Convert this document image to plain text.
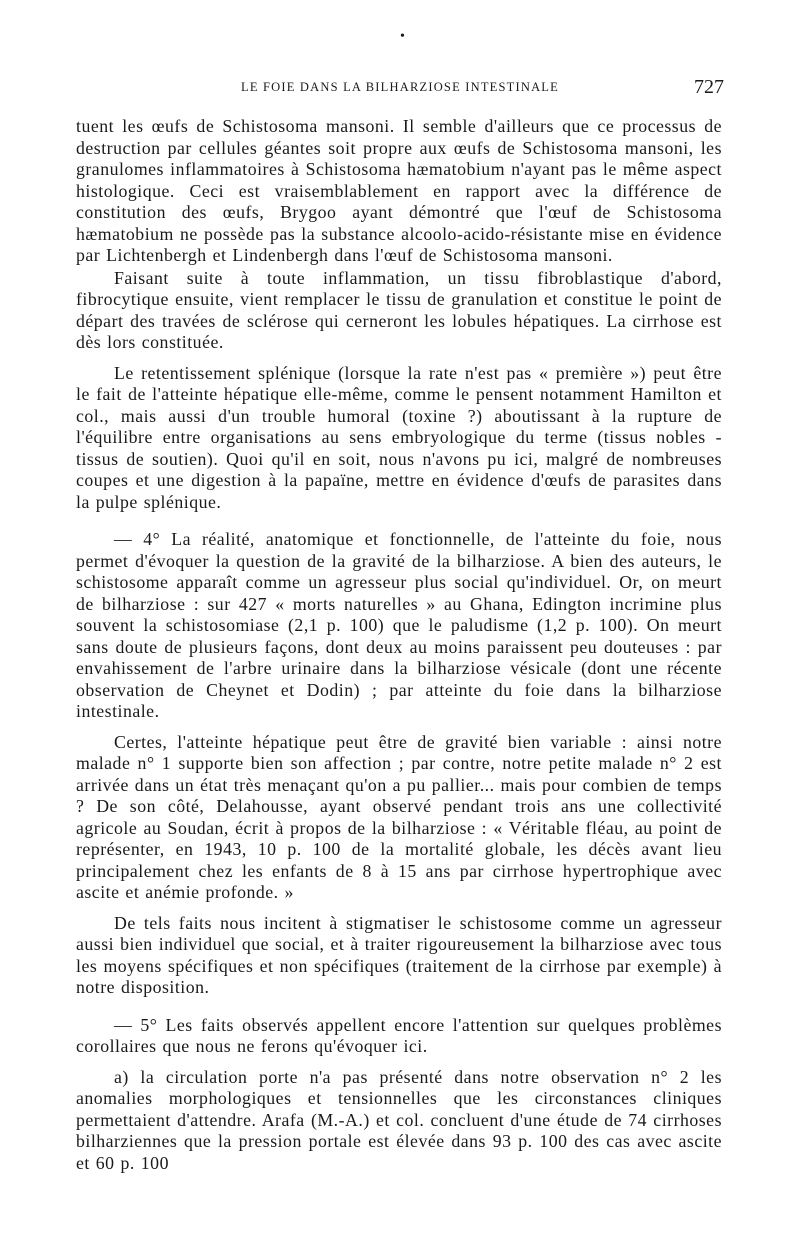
•
LE FOIE DANS LA BILHARZIOSE INTESTINALE	727

tuent les œufs de Schistosoma mansoni. Il semble d'ailleurs que ce processus de destruction par cellules géantes soit propre aux œufs de Schistosoma mansoni, les granulomes inflammatoires à Schistosoma hæmatobium n'ayant pas le même aspect histologique. Ceci est vraisemblablement en rapport avec la différence de constitution des œufs, Brygoo ayant démontré que l'œuf de Schistosoma hæmatobium ne possède pas la substance alcoolo-acido-résistante mise en évidence par Lichtenbergh et Lindenbergh dans l'œuf de Schistosoma mansoni.

Faisant suite à toute inflammation, un tissu fibroblastique d'abord, fibrocytique ensuite, vient remplacer le tissu de granulation et constitue le point de départ des travées de sclérose qui cerneront les lobules hépatiques. La cirrhose est dès lors constituée.

Le retentissement splénique (lorsque la rate n'est pas « première ») peut être le fait de l'atteinte hépatique elle-même, comme le pensent notamment Hamilton et col., mais aussi d'un trouble humoral (toxine ?) aboutissant à la rupture de l'équilibre entre organisations au sens embryologique du terme (tissus nobles - tissus de soutien). Quoi qu'il en soit, nous n'avons pu ici, malgré de nombreuses coupes et une digestion à la papaïne, mettre en évidence d'œufs de parasites dans la pulpe splénique.

— 4° La réalité, anatomique et fonctionnelle, de l'atteinte du foie, nous permet d'évoquer la question de la gravité de la bilharziose. A bien des auteurs, le schistosome apparaît comme un agresseur plus social qu'individuel. Or, on meurt de bilharziose : sur 427 « morts naturelles » au Ghana, Edington incrimine plus souvent la schistosomiase (2,1 p. 100) que le paludisme (1,2 p. 100). On meurt sans doute de plusieurs façons, dont deux au moins paraissent peu douteuses : par envahissement de l'arbre urinaire dans la bilharziose vésicale (dont une récente observation de Cheynet et Dodin) ; par atteinte du foie dans la bilharziose intestinale.

Certes, l'atteinte hépatique peut être de gravité bien variable : ainsi notre malade n° 1 supporte bien son affection ; par contre, notre petite malade n° 2 est arrivée dans un état très menaçant qu'on a pu pallier... mais pour combien de temps ? De son côté, Delahousse, ayant observé pendant trois ans une collectivité agricole au Soudan, écrit à propos de la bilharziose : « Véritable fléau, au point de représenter, en 1943, 10 p. 100 de la mortalité globale, les décès avant lieu principalement chez les enfants de 8 à 15 ans par cirrhose hypertrophique avec ascite et anémie profonde. »

De tels faits nous incitent à stigmatiser le schistosome comme un agresseur aussi bien individuel que social, et à traiter rigoureusement la bilharziose avec tous les moyens spécifiques et non spécifiques (traitement de la cirrhose par exemple) à notre disposition.

— 5° Les faits observés appellent encore l'attention sur quelques problèmes corollaires que nous ne ferons qu'évoquer ici.

a) la circulation porte n'a pas présenté dans notre observation n° 2 les anomalies morphologiques et tensionnelles que les circonstances cliniques permettaient d'attendre. Arafa (M.-A.) et col. concluent d'une étude de 74 cirrhoses bilharziennes que la pression portale est élevée dans 93 p. 100 des cas avec ascite et 60 p. 100
